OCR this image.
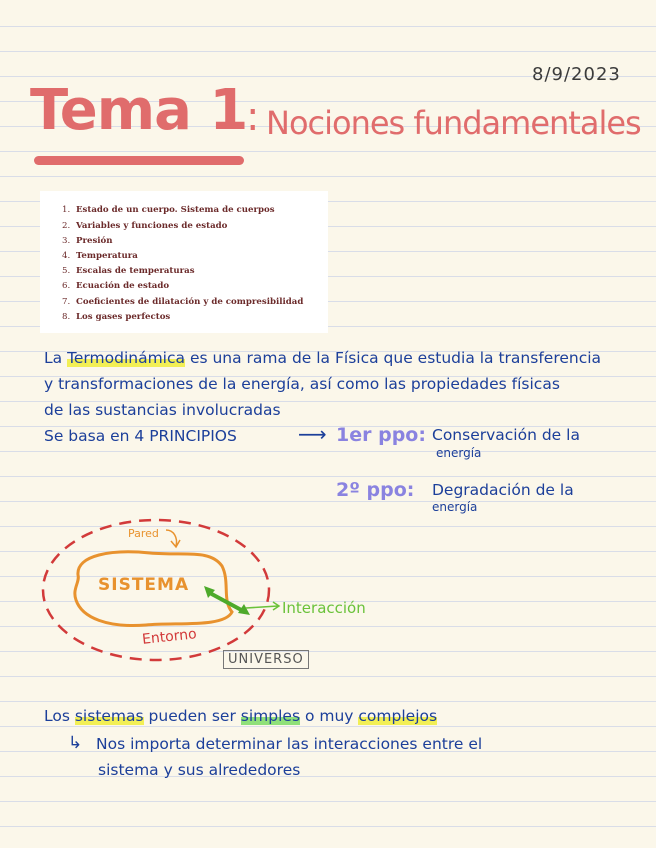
8/9/2023
Tema 1
: Nociones fundamentales
1. Estado de un cuerpo. Sistema de cuerpos
2. Variables y funciones de estado
3. Presión
4. Temperatura
5. Escalas de temperaturas
6. Ecuación de estado
7. Coeficientes de dilatación y de compresibilidad
8. Los gases perfectos
La Termodinámica es una rama de la Física que estudia la transferencia
y transformaciones de la energía, así como las propiedades físicas
de las sustancias involucradas
Se basa en 4 PRINCIPIOS	⟶ 1er ppo: Conservación de la
energía
2º ppo: Degradación de la
energía
Pared
SISTEMA
Interacción
Entorno
UNIVERSO
Los sistemas pueden ser simples o muy complejos
↳ Nos importa determinar las interacciones entre el
sistema y sus alrededores
